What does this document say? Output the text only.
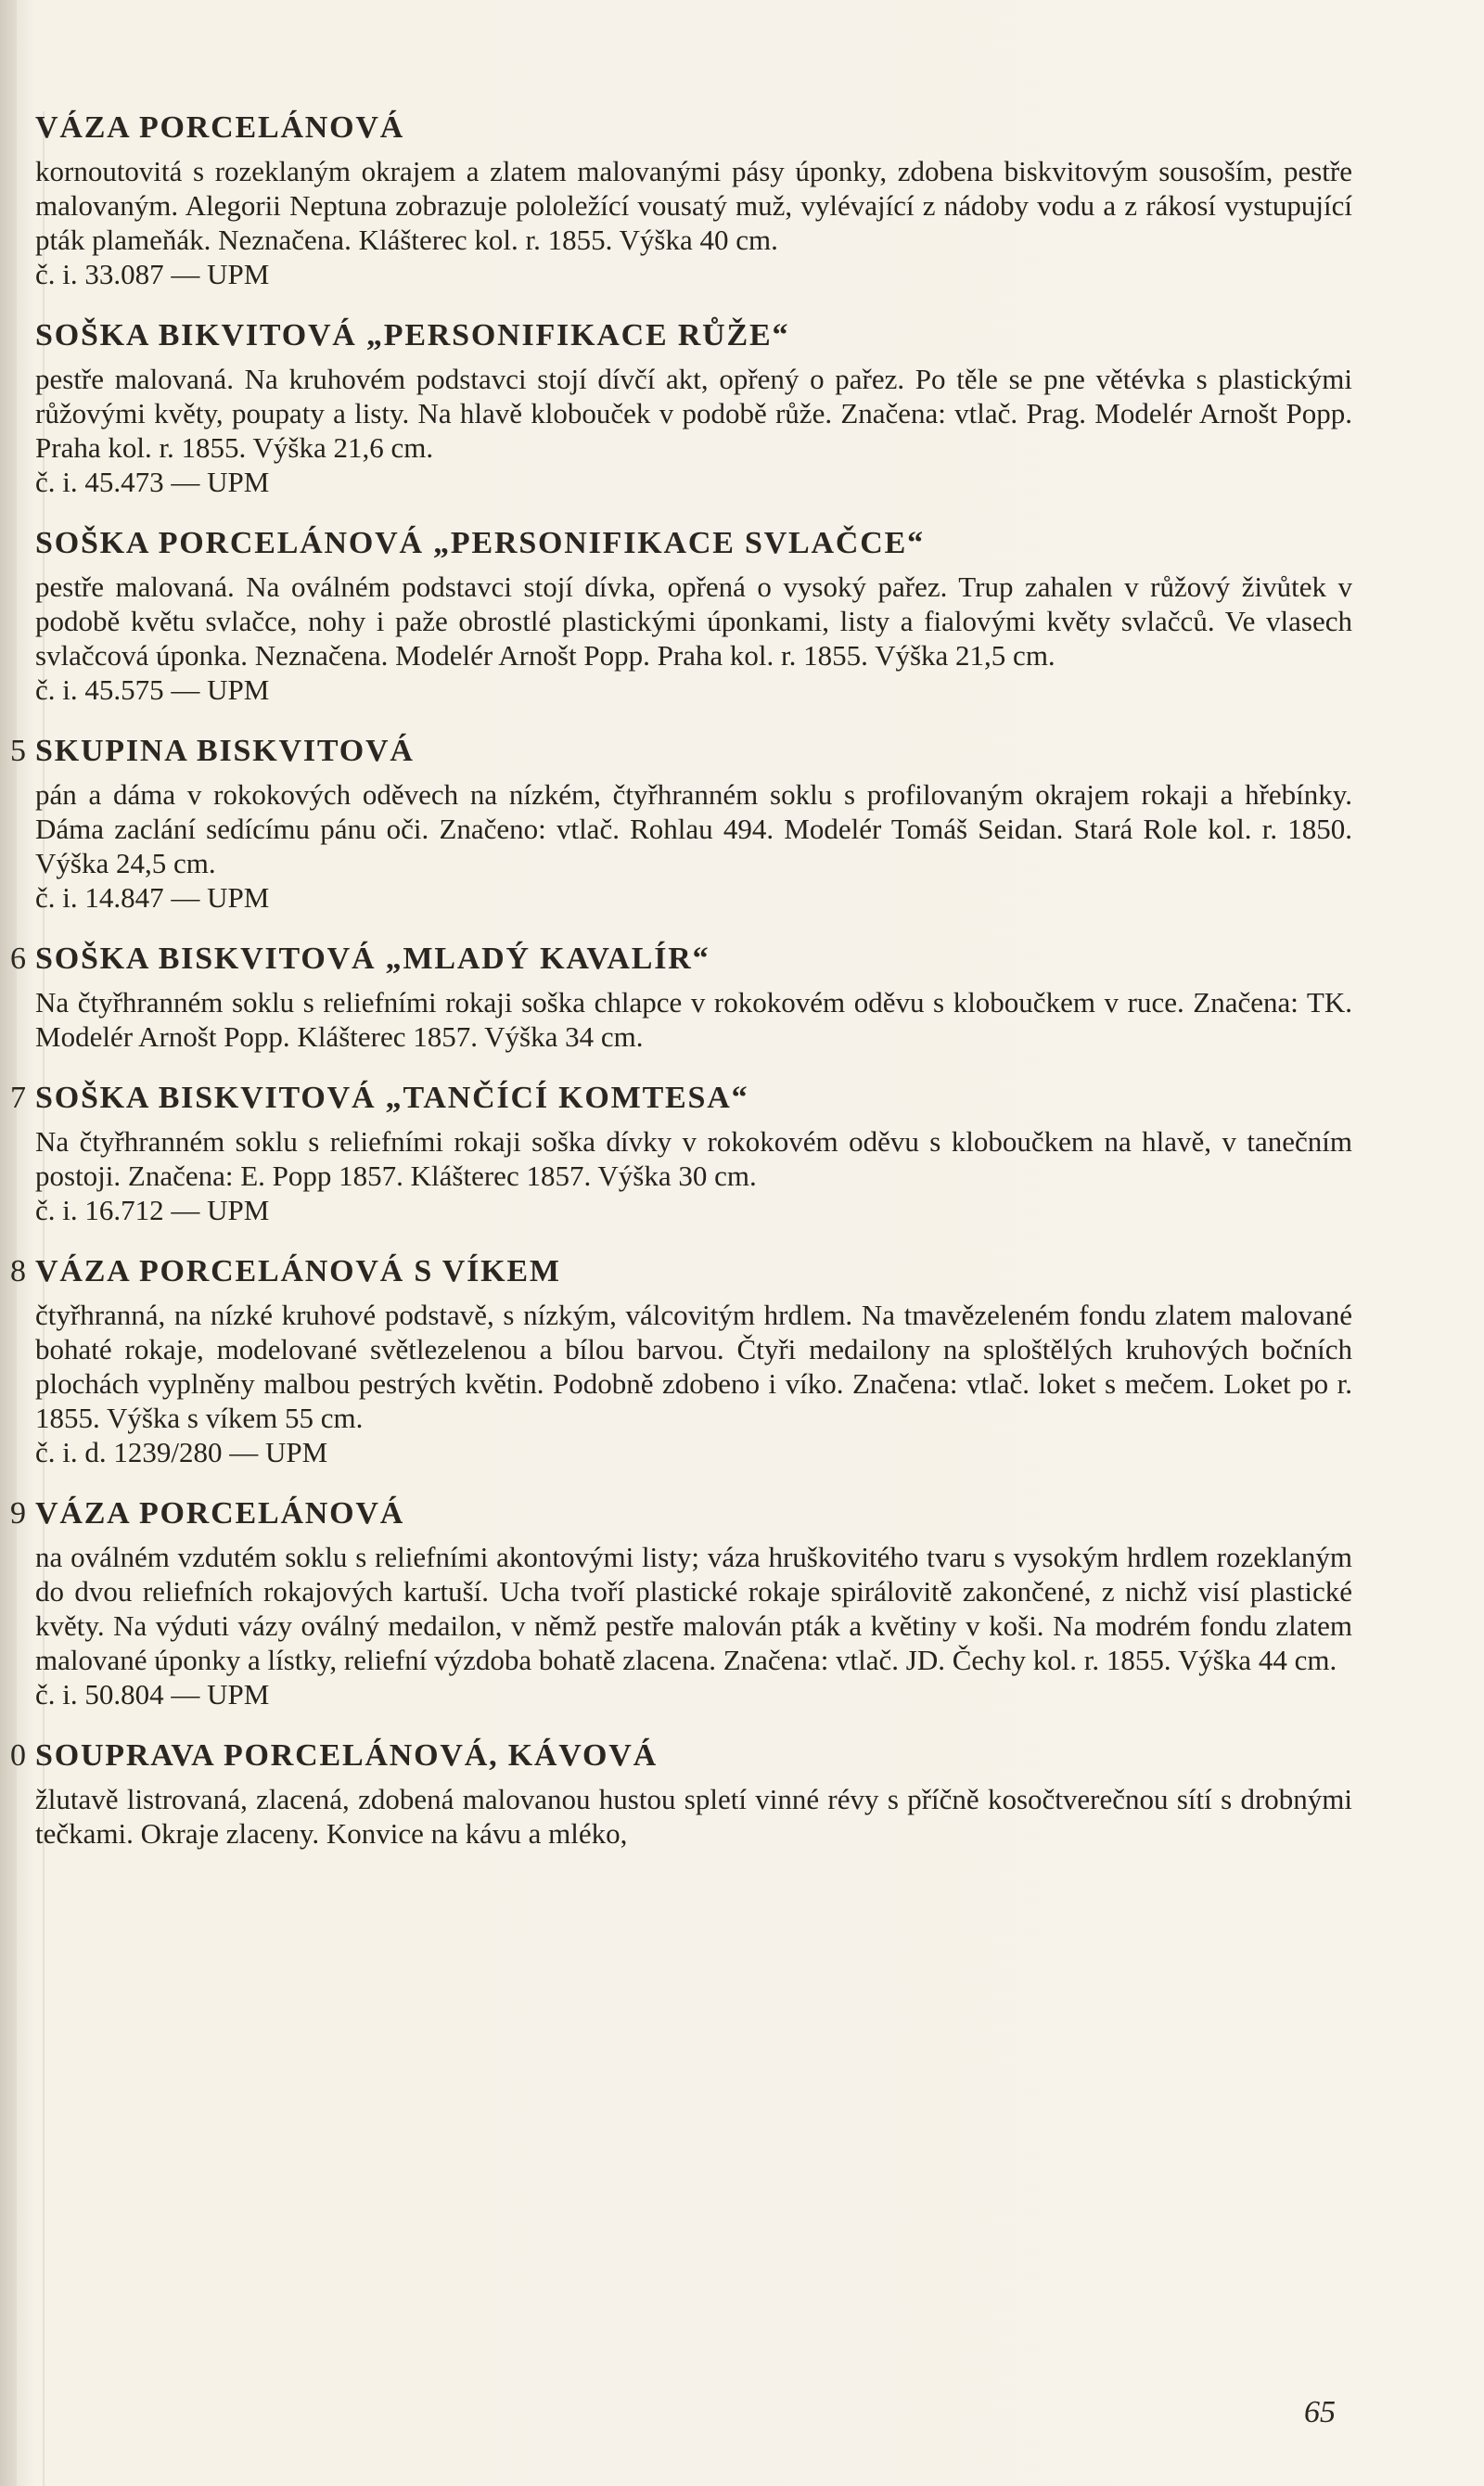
VÁZA PORCELÁNOVÁ

kornoutovitá s rozeklaným okrajem a zlatem malovanými pásy úponky, zdobena biskvitovým sousoším, pestře malovaným. Alegorii Neptuna zobrazuje pololežící vousatý muž, vylévající z nádoby vodu a z rákosí vystupující pták plameňák. Neznačena. Klášterec kol. r. 1855. Výška 40 cm.

č. i. 33.087 — UPM

SOŠKA BIKVITOVÁ „PERSONIFIKACE RŮŽE“

pestře malovaná. Na kruhovém podstavci stojí dívčí akt, opřený o pařez. Po těle se pne větévka s plastickými růžovými květy, poupaty a listy. Na hlavě klobouček v podobě růže. Značena: vtlač. Prag. Modelér Arnošt Popp. Praha kol. r. 1855. Výška 21,6 cm.

č. i. 45.473 — UPM

SOŠKA PORCELÁNOVÁ „PERSONIFIKACE SVLAČCE“

pestře malovaná. Na oválném podstavci stojí dívka, opřená o vysoký pařez. Trup zahalen v růžový živůtek v podobě květu svlačce, nohy i paže obrostlé plastickými úponkami, listy a fialovými květy svlačců. Ve vlasech svlačcová úponka. Neznačena. Modelér Arnošt Popp. Praha kol. r. 1855. Výška 21,5 cm.

č. i. 45.575 — UPM

5 SKUPINA BISKVITOVÁ

pán a dáma v rokokových oděvech na nízkém, čtyřhranném soklu s profilovaným okrajem rokaji a hřebínky. Dáma zaclání sedícímu pánu oči. Značeno: vtlač. Rohlau 494. Modelér Tomáš Seidan. Stará Role kol. r. 1850. Výška 24,5 cm.

č. i. 14.847 — UPM

6 SOŠKA BISKVITOVÁ „MLADÝ KAVALÍR“

Na čtyřhranném soklu s reliefními rokaji soška chlapce v rokokovém oděvu s kloboučkem v ruce. Značena: TK. Modelér Arnošt Popp. Klášterec 1857. Výška 34 cm.

7 SOŠKA BISKVITOVÁ „TANČÍCÍ KOMTESA“

Na čtyřhranném soklu s reliefními rokaji soška dívky v rokokovém oděvu s kloboučkem na hlavě, v tanečním postoji. Značena: E. Popp 1857. Klášterec 1857. Výška 30 cm.

č. i. 16.712 — UPM

8 VÁZA PORCELÁNOVÁ S VÍKEM

čtyřhranná, na nízké kruhové podstavě, s nízkým, válcovitým hrdlem. Na tmavězeleném fondu zlatem malované bohaté rokaje, modelované světlezelenou a bílou barvou. Čtyři medailony na sploštělých kruhových bočních plochách vyplněny malbou pestrých květin. Podobně zdobeno i víko. Značena: vtlač. loket s mečem. Loket po r. 1855. Výška s víkem 55 cm.

č. i. d. 1239/280 — UPM

9 VÁZA PORCELÁNOVÁ

na oválném vzdutém soklu s reliefními akontovými listy; váza hruškovitého tvaru s vysokým hrdlem rozeklaným do dvou reliefních rokajových kartuší. Ucha tvoří plastické rokaje spirálovitě zakončené, z nichž visí plastické květy. Na výduti vázy oválný medailon, v němž pestře malován pták a květiny v koši. Na modrém fondu zlatem malované úponky a lístky, reliefní výzdoba bohatě zlacena. Značena: vtlač. JD. Čechy kol. r. 1855. Výška 44 cm.

č. i. 50.804 — UPM

0 SOUPRAVA PORCELÁNOVÁ, KÁVOVÁ

žlutavě listrovaná, zlacená, zdobená malovanou hustou spletí vinné révy s příčně kosočtverečnou sítí s drobnými tečkami. Okraje zlaceny. Konvice na kávu a mléko,

65
